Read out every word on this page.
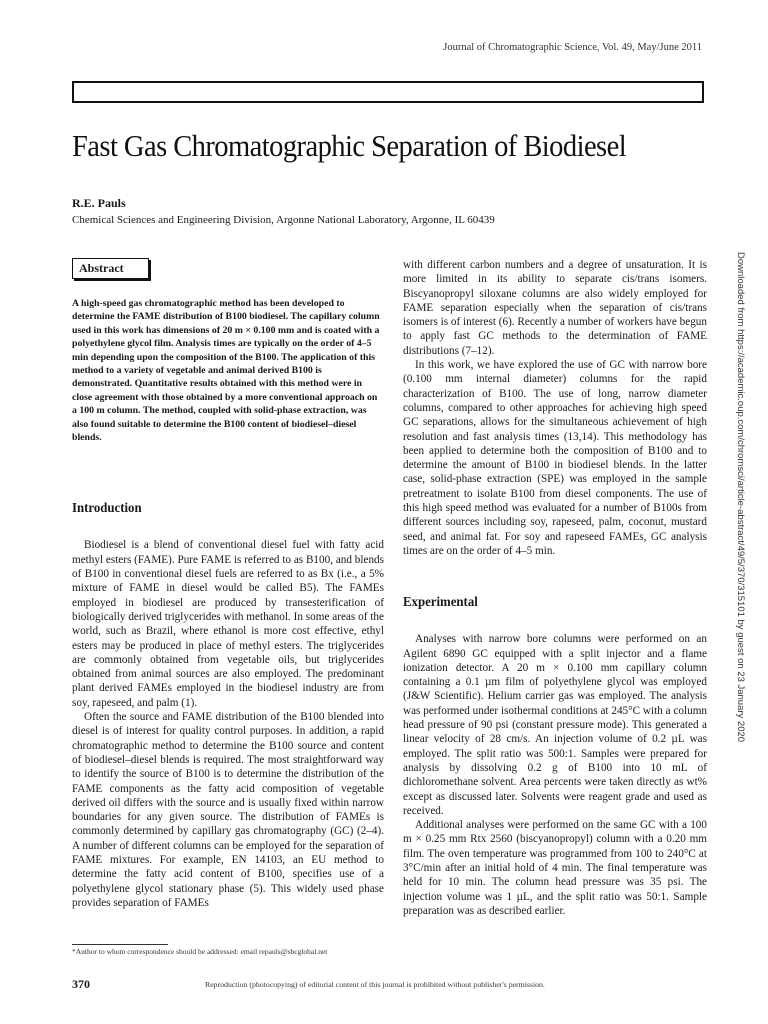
Journal of Chromatographic Science, Vol. 49, May/June 2011
Fast Gas Chromatographic Separation of Biodiesel
R.E. Pauls
Chemical Sciences and Engineering Division, Argonne National Laboratory, Argonne, IL 60439
Abstract

A high-speed gas chromatographic method has been developed to determine the FAME distribution of B100 biodiesel. The capillary column used in this work has dimensions of 20 m × 0.100 mm and is coated with a polyethylene glycol film. Analysis times are typically on the order of 4–5 min depending upon the composition of the B100. The application of this method to a variety of vegetable and animal derived B100 is demonstrated. Quantitative results obtained with this method were in close agreement with those obtained by a more conventional approach on a 100 m column. The method, coupled with solid-phase extraction, was also found suitable to determine the B100 content of biodiesel–diesel blends.

Introduction

Biodiesel is a blend of conventional diesel fuel with fatty acid methyl esters (FAME). Pure FAME is referred to as B100, and blends of B100 in conventional diesel fuels are referred to as Bx (i.e., a 5% mixture of FAME in diesel would be called B5). The FAMEs employed in biodiesel are produced by transesterification of biologically derived triglycerides with methanol. In some areas of the world, such as Brazil, where ethanol is more cost effective, ethyl esters may be produced in place of methyl esters. The triglycerides are commonly obtained from vegetable oils, but triglycerides obtained from animal sources are also employed. The predominant plant derived FAMEs employed in the biodiesel industry are from soy, rapeseed, and palm (1).

Often the source and FAME distribution of the B100 blended into diesel is of interest for quality control purposes. In addition, a rapid chromatographic method to determine the B100 source and content of biodiesel–diesel blends is required. The most straightforward way to identify the source of B100 is to determine the distribution of the FAME components as the fatty acid composition of vegetable derived oil differs with the source and is usually fixed within narrow boundaries for any given source. The distribution of FAMEs is commonly determined by capillary gas chromatography (GC) (2–4). A number of different columns can be employed for the separation of FAME mixtures. For example, EN 14103, an EU method to determine the fatty acid content of B100, specifies use of a polyethylene glycol stationary phase (5). This widely used phase provides separation of FAMEs

with different carbon numbers and a degree of unsaturation. It is more limited in its ability to separate cis/trans isomers. Biscyanopropyl siloxane columns are also widely employed for FAME separation especially when the separation of cis/trans isomers is of interest (6). Recently a number of workers have begun to apply fast GC methods to the determination of FAME distributions (7–12).

In this work, we have explored the use of GC with narrow bore (0.100 mm internal diameter) columns for the rapid characterization of B100. The use of long, narrow diameter columns, compared to other approaches for achieving high speed GC separations, allows for the simultaneous achievement of high resolution and fast analysis times (13,14). This methodology has been applied to determine both the composition of B100 and to determine the amount of B100 in biodiesel blends. In the latter case, solid-phase extraction (SPE) was employed in the sample pretreatment to isolate B100 from diesel components. The use of this high speed method was evaluated for a number of B100s from different sources including soy, rapeseed, palm, coconut, mustard seed, and animal fat. For soy and rapeseed FAMEs, GC analysis times are on the order of 4–5 min.

Experimental

Analyses with narrow bore columns were performed on an Agilent 6890 GC equipped with a split injector and a flame ionization detector. A 20 m × 0.100 mm capillary column containing a 0.1 µm film of polyethylene glycol was employed (J&W Scientific). Helium carrier gas was employed. The analysis was performed under isothermal conditions at 245°C with a column head pressure of 90 psi (constant pressure mode). This generated a linear velocity of 28 cm/s. An injection volume of 0.2 µL was employed. The split ratio was 500:1. Samples were prepared for analysis by dissolving 0.2 g of B100 into 10 mL of dichloromethane solvent. Area percents were taken directly as wt% except as discussed later. Solvents were reagent grade and used as received.

Additional analyses were performed on the same GC with a 100 m × 0.25 mm Rtx 2560 (biscyanopropyl) column with a 0.20 mm film. The oven temperature was programmed from 100 to 240°C at 3°C/min after an initial hold of 4 min. The final temperature was held for 10 min. The column head pressure was 35 psi. The injection volume was 1 µL, and the split ratio was 50:1. Sample preparation was as described earlier.

*Author to whom correspondence should be addressed: email repauls@sbcglobal.net
370	Reproduction (photocopying) of editorial content of this journal is prohibited without publisher's permission.
Downloaded from https://academic.oup.com/chromsci/article-abstract/49/5/370/315101 by guest on 23 January 2020
